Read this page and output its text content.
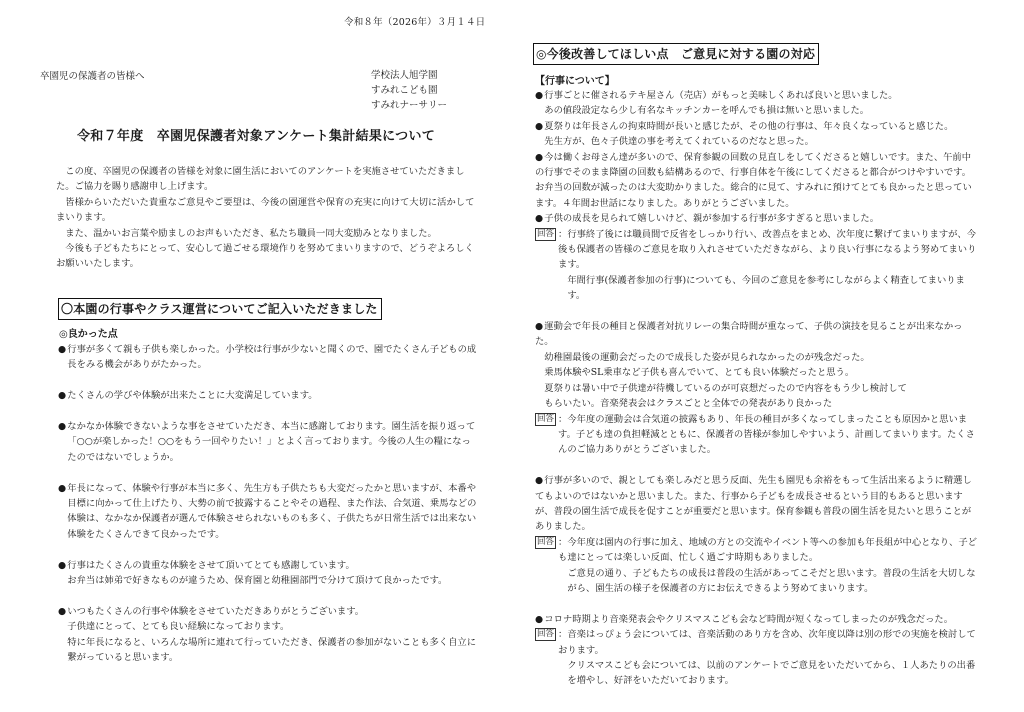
令和８年（2026年）３月１４日
卒園児の保護者の皆様へ	学校法人旭学園
すみれこども園
すみれナーサリー
令和７年度　卒園児保護者対象アンケート集計結果について

この度、卒園児の保護者の皆様を対象に園生活においてのアンケートを実施させていただきました。ご協力を賜り感謝申し上げます。

皆様からいただいた貴重なご意見やご要望は、今後の園運営や保育の充実に向けて大切に活かしてまいります。

また、温かいお言葉や励ましのお声もいただき、私たち職員一同大変励みとなりました。

今後も子どもたちにとって、安心して過ごせる環境作りを努めてまいりますので、どうぞよろしくお願いいたします。

〇本園の行事やクラス運営についてご記入いただきました
◎良かった点
●行事が多くて親も子供も楽しかった。小学校は行事が少ないと聞くので、園でたくさん子どもの成
長をみる機会がありがたかった。
●たくさんの学びや体験が出来たことに大変満足しています。
●なかなか体験できないような事をさせていただき、本当に感謝しております。園生活を振り返って
「○○が楽しかった！○○をもう一回やりたい！」とよく言っております。今後の人生の糧になったのではないでしょうか。
●年長になって、体験や行事が本当に多く、先生方も子供たちも大変だったかと思いますが、本番や
目標に向かって仕上げたり、大勢の前で披露することやその過程、また作法、合気道、乗馬などの体験は、なかなか保護者が選んで体験させられないものも多く、子供たちが日常生活では出来ない体験をたくさんできて良かったです。
●行事はたくさんの貴重な体験をさせて頂いてとても感謝しています。
お弁当は姉弟で好きなものが違うため、保育園と幼稚園部門で分けて頂けて良かったです。
●いつもたくさんの行事や体験をさせていただきありがとうございます。
子供達にとって、とても良い経験になっております。
特に年長になると、いろんな場所に連れて行っていただき、保護者の参加がないことも多く自立に繋がっていると思います。
◎今後改善してほしい点　ご意見に対する園の対応
【行事について】
●行事ごとに催されるテキ屋さん（売店）がもっと美味しくあれば良いと思いました。
あの値段設定なら少し有名なキッチンカーを呼んでも損は無いと思いました。
●夏祭りは年長さんの拘束時間が長いと感じたが、その他の行事は、年々良くなっていると感じた。
先生方が、色々子供達の事を考えてくれているのだなと思った。
●今は働くお母さん達が多いので、保育参観の回数の見直しをしてくださると嬉しいです。また、午前中の行事でそのまま降園の回数も結構あるので、行事自体を午後にしてくださると都合がつけやすいです。お弁当の回数が減ったのは大変助かりました。総合的に見て、すみれに預けてとても良かったと思っています。４年間お世話になりました。ありがとうございました。
●子供の成長を見られて嬉しいけど、親が参加する行事が多すぎると思いました。
回答 ：行事終了後には職員間で反省をしっかり行い、改善点をまとめ、次年度に繋げてまいりますが、今後も保護者の皆様のご意見を取り入れさせていただきながら、より良い行事になるよう努めてまいります。
年間行事(保護者参加の行事)についても、今回のご意見を参考にしながらよく精査してまいります。
●運動会で年長の種目と保護者対抗リレーの集合時間が重なって、子供の演技を見ることが出来なかった。
幼稚園最後の運動会だったので成長した姿が見られなかったのが残念だった。
乗馬体験やSL乗車など子供も喜んでいて、とても良い体験だったと思う。
夏祭りは暑い中で子供達が待機しているのが可哀想だったので内容をもう少し検討して
もらいたい。音楽発表会はクラスごとと全体での発表があり良かった
回答 ：今年度の運動会は合気道の披露もあり、年長の種目が多くなってしまったことも原因かと思います。子ども達の負担軽減とともに、保護者の皆様が参加しやすいよう、計画してまいります。たくさんのご協力ありがとうございました。
●行事が多いので、親としても楽しみだと思う反面、先生も園児も余裕をもって生活出来るように精選してもよいのではないかと思いました。また、行事から子どもを成長させるという目的もあると思いますが、普段の園生活で成長を促すことが重要だと思います。保育参観も普段の園生活を見たいと思うことがありました。
回答 ：今年度は園内の行事に加え、地域の方との交流やイベント等への参加も年長組が中心となり、子ども達にとっては楽しい反面、忙しく過ごす時期もありました。
ご意見の通り、子どもたちの成長は普段の生活があってこそだと思います。普段の生活を大切しながら、園生活の様子を保護者の方にお伝えできるよう努めてまいります。
●コロナ時期より音楽発表会やクリスマスこども会など時間が短くなってしまったのが残念だった。
回答 ：音楽はっぴょう会については、音楽活動のあり方を含め、次年度以降は別の形での実施を検討しております。
クリスマスこども会については、以前のアンケートでご意見をいただいてから、１人あたりの出番を増やし、好評をいただいております。
